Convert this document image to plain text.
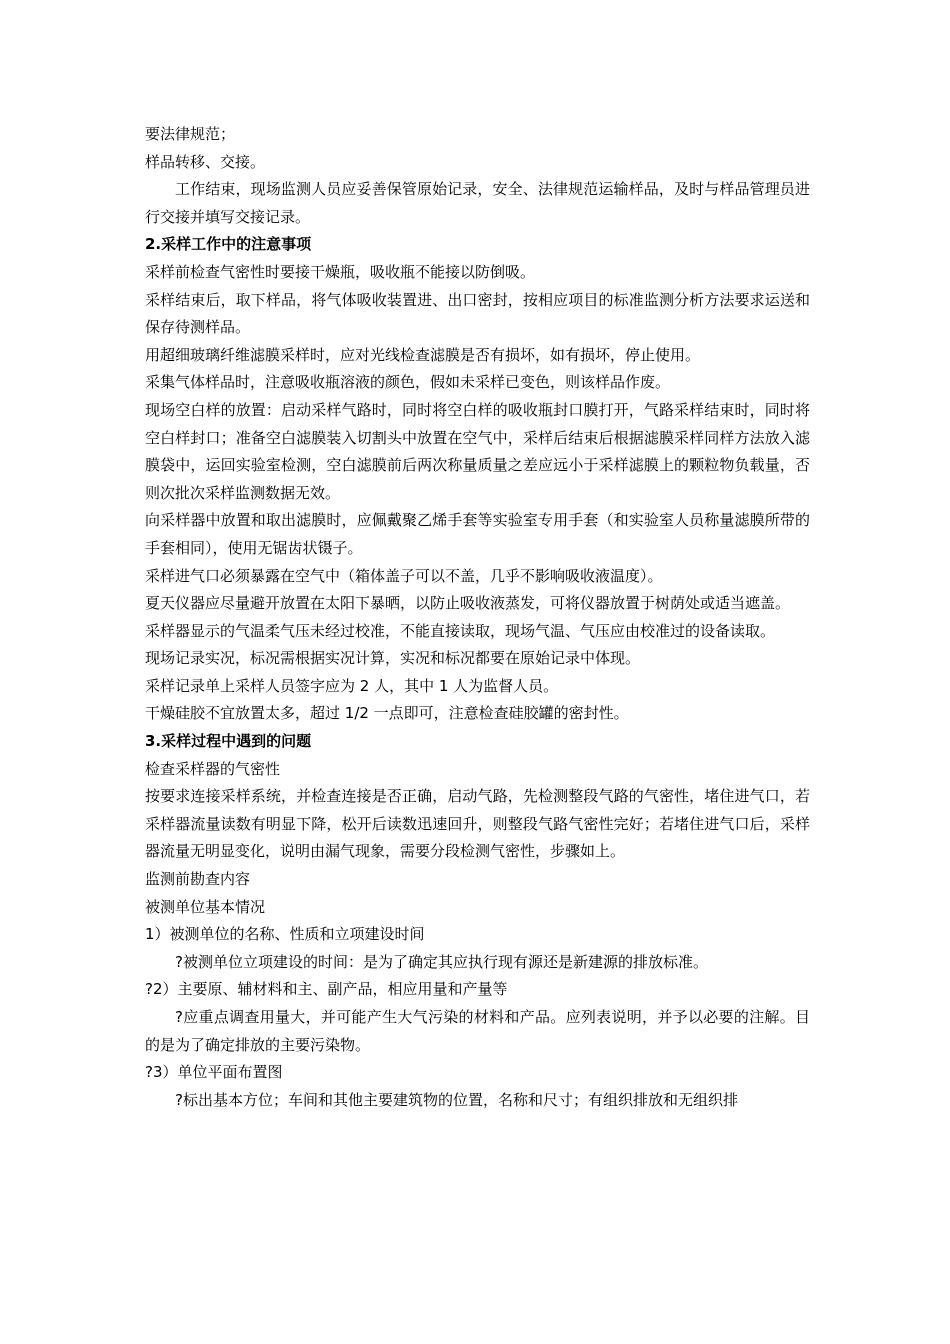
要法律规范；

样品转移、交接。

工作结束，现场监测人员应妥善保管原始记录，安全、法律规范运输样品，及时与样品管理员进行交接并填写交接记录。

2.采样工作中的注意事项

采样前检查气密性时要接干燥瓶，吸收瓶不能接以防倒吸。

采样结束后，取下样品，将气体吸收装置进、出口密封，按相应项目的标准监测分析方法要求运送和保存待测样品。

用超细玻璃纤维滤膜采样时，应对光线检查滤膜是否有损坏，如有损坏，停止使用。

采集气体样品时，注意吸收瓶溶液的颜色，假如未采样已变色，则该样品作废。

现场空白样的放置：启动采样气路时，同时将空白样的吸收瓶封口膜打开，气路采样结束时，同时将空白样封口；准备空白滤膜装入切割头中放置在空气中，采样后结束后根据滤膜采样同样方法放入滤膜袋中，运回实验室检测，空白滤膜前后两次称量质量之差应远小于采样滤膜上的颗粒物负载量，否则次批次采样监测数据无效。

向采样器中放置和取出滤膜时，应佩戴聚乙烯手套等实验室专用手套（和实验室人员称量滤膜所带的手套相同），使用无锯齿状镊子。

采样进气口必须暴露在空气中（箱体盖子可以不盖，几乎不影响吸收液温度）。

夏天仪器应尽量避开放置在太阳下暴晒，以防止吸收液蒸发，可将仪器放置于树荫处或适当遮盖。

采样器显示的气温柔气压未经过校准，不能直接读取，现场气温、气压应由校准过的设备读取。

现场记录实况，标况需根据实况计算，实况和标况都要在原始记录中体现。

采样记录单上采样人员签字应为 2 人，其中 1 人为监督人员。

干燥硅胶不宜放置太多，超过 1/2 一点即可，注意检查硅胶罐的密封性。

3.采样过程中遇到的问题

检查采样器的气密性

按要求连接采样系统，并检查连接是否正确，启动气路，先检测整段气路的气密性，堵住进气口，若采样器流量读数有明显下降，松开后读数迅速回升，则整段气路气密性完好；若堵住进气口后，采样器流量无明显变化，说明由漏气现象，需要分段检测气密性，步骤如上。

监测前勘查内容

被测单位基本情况

1）被测单位的名称、性质和立项建设时间

?被测单位立项建设的时间：是为了确定其应执行现有源还是新建源的排放标准。

?2）主要原、辅材料和主、副产品，相应用量和产量等

?应重点调查用量大，并可能产生大气污染的材料和产品。应列表说明，并予以必要的注解。目的是为了确定排放的主要污染物。

?3）单位平面布置图

?标出基本方位；车间和其他主要建筑物的位置，名称和尺寸；有组织排放和无组织排
